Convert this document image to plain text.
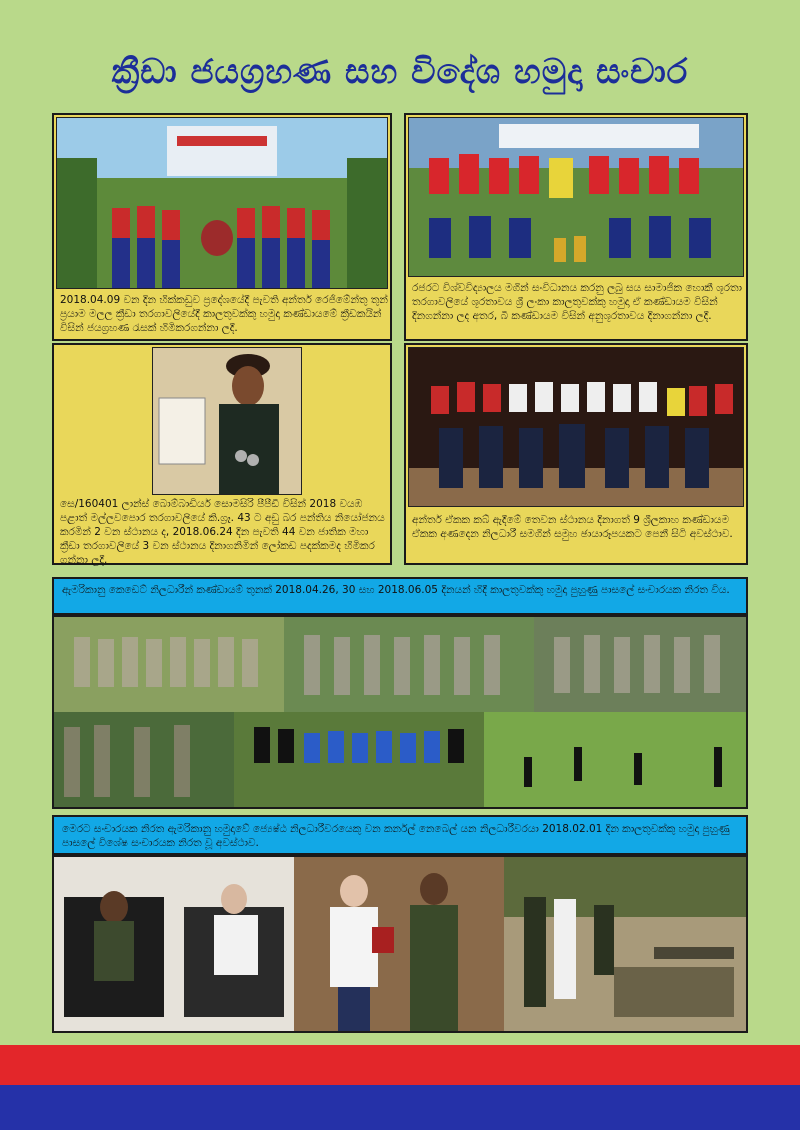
ක්‍රීඩා ජයග්‍රහණ සහ විදේශ හමුදා සංචාර
2018.04.09 වන දින හික්කඩුව ප්‍රදේශයේදී පැවති අන්තර් රෙජිමේන්තු තුන් ප්‍රයාම මලල ක්‍රීඩා තරගාවලියේදී කාලතුවක්කු හමුදා කණ්ඩායමේ ක්‍රීඩකයින් විසින් ජයග්‍රහණ රැසක් හිමිකරගන්නා ලදී.
රජරට විශ්වවිද්‍යාලය මගින් සංවිධානය කරනු ලබු සය සාමාජික හොකී ශූරතා තරගාවලියේ ශූරතාවය ශ්‍රී ලංකා කාලතුවක්කු හමුදා ඒ කණ්ඩායම විසින් දිනගන්නා ලද අතර, බී කණ්ඩායම විසින් අනුශූරතාවය දිනාගන්නා ලදී.
සෙ/160401 ලාන්ස් බොම්බාඩියර් සොමසිරි පීපීඩී විසින් 2018 වයඹ පළාත් මල්ලවපොර තරගාවලියේ කි.ග්‍රෑ. 43 ට අඩු බර පන්තිය නියෝජනය කරමින් 2 වන ස්ථානය ද, 2018.06.24 දින පැවති 44 වන ජාතික මහා ක්‍රීඩා තරගාවලියේ 3 වන ස්ථානය දිනාගනිමින් ලෝකඩ පදක්කමද හිමිකර ගන්නා ලදී.
අන්තර් ඒකක කබ් ඇදීමේ තෙවන ස්ථානය දිනාගත් 9 ශ්‍රීලකාහ කණ්ඩායම ඒකක අණදෙන නිලධාරී සමගින් සමුහ ඡායාරූපයකට පෙනී සිටි අවස්ථාව.
ඇමරිකානු කෙඩෙට් නිලධාරීන් කණ්ඩායම් තුනක් 2018.04.26, 30 සහ 2018.06.05 දිනයන් හිදී කාලතුවක්කු හමුදා පුහුණු පාසලේ සංචාරයක නිරත විය.
මෙරට සංචාරයක නිරත ඇමරිකානු හමුදාවේ ජ්‍යෙෂ්ඨ නිලධාරීවරයෙකු වන කර්නල් නෙබෙල් යන නිලධාරීවරයා 2018.02.01 දින කාලතුවක්කු හමුදා පුහුණු පාසලේ විශේෂ සංචාරයක නිරත වූ අවස්ථාව.
